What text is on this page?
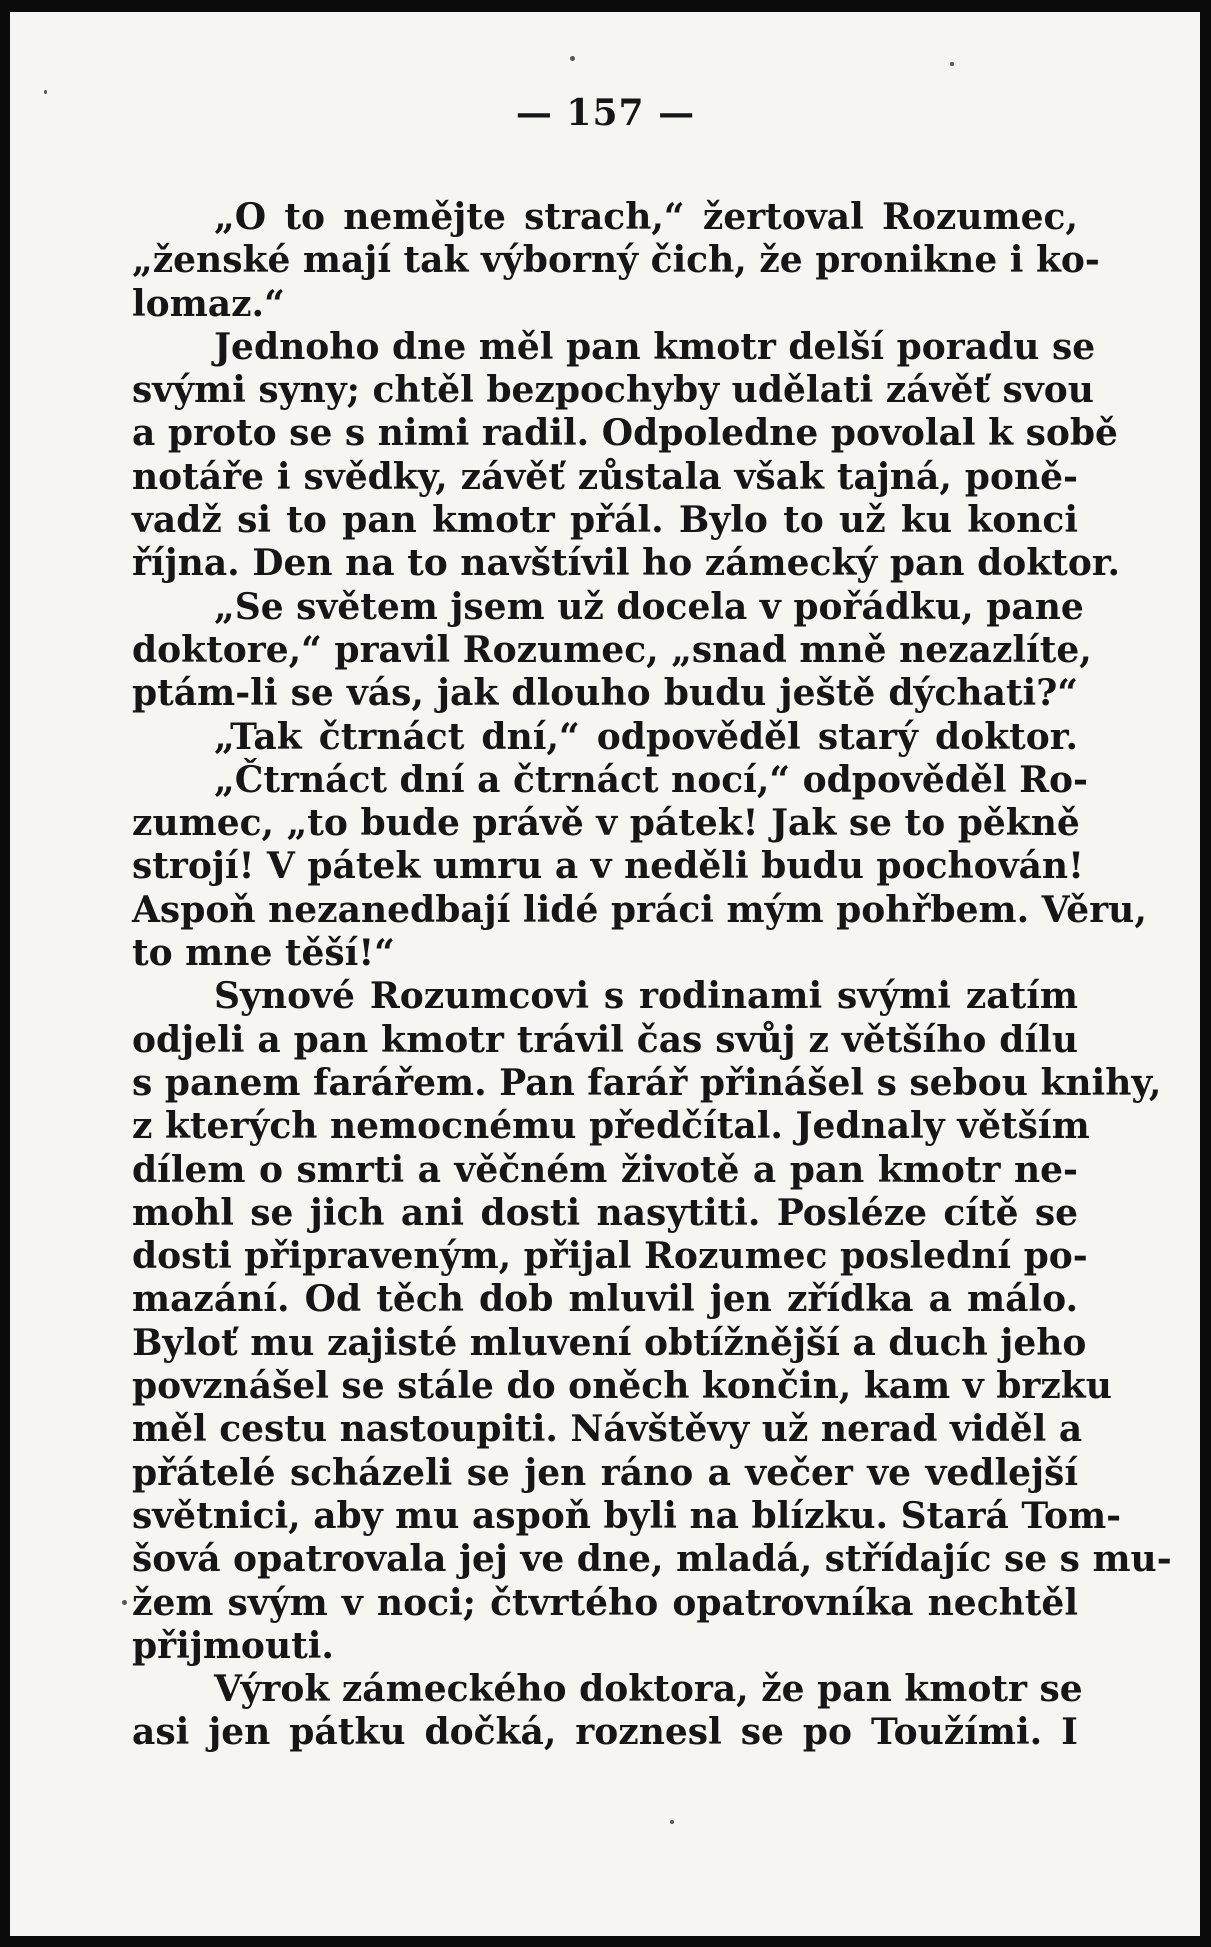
— 157 —
„O to nemějte strach,“ žertoval Rozumec,
„ženské mají tak výborný čich, že pronikne i ko-
lomaz.“
Jednoho dne měl pan kmotr delší poradu se
svými syny; chtěl bezpochyby udělati závěť svou
a proto se s nimi radil. Odpoledne povolal k sobě
notáře i svědky, závěť zůstala však tajná, poně-
vadž si to pan kmotr přál. Bylo to už ku konci
října. Den na to navštívil ho zámecký pan doktor.
„Se světem jsem už docela v pořádku, pane
doktore,“ pravil Rozumec, „snad mně nezazlíte,
ptám-li se vás, jak dlouho budu ještě dýchati?“
„Tak čtrnáct dní,“ odpověděl starý doktor.
„Čtrnáct dní a čtrnáct nocí,“ odpověděl Ro-
zumec, „to bude právě v pátek! Jak se to pěkně
strojí! V pátek umru a v neděli budu pochován!
Aspoň nezanedbají lidé práci mým pohřbem. Věru,
to mne těší!“
Synové Rozumcovi s rodinami svými zatím
odjeli a pan kmotr trávil čas svůj z většího dílu
s panem farářem. Pan farář přinášel s sebou knihy,
z kterých nemocnému předčítal. Jednaly větším
dílem o smrti a věčném životě a pan kmotr ne-
mohl se jich ani dosti nasytiti. Posléze cítě se
dosti připraveným, přijal Rozumec poslední po-
mazání. Od těch dob mluvil jen zřídka a málo.
Byloť mu zajisté mluvení obtížnější a duch jeho
povznášel se stále do oněch končin, kam v brzku
měl cestu nastoupiti. Návštěvy už nerad viděl a
přátelé scházeli se jen ráno a večer ve vedlejší
světnici, aby mu aspoň byli na blízku. Stará Tom-
šová opatrovala jej ve dne, mladá, střídajíc se s mu-
žem svým v noci; čtvrtého opatrovníka nechtěl
přijmouti.
Výrok zámeckého doktora, že pan kmotr se
asi jen pátku dočká, roznesl se po Toužími. I
